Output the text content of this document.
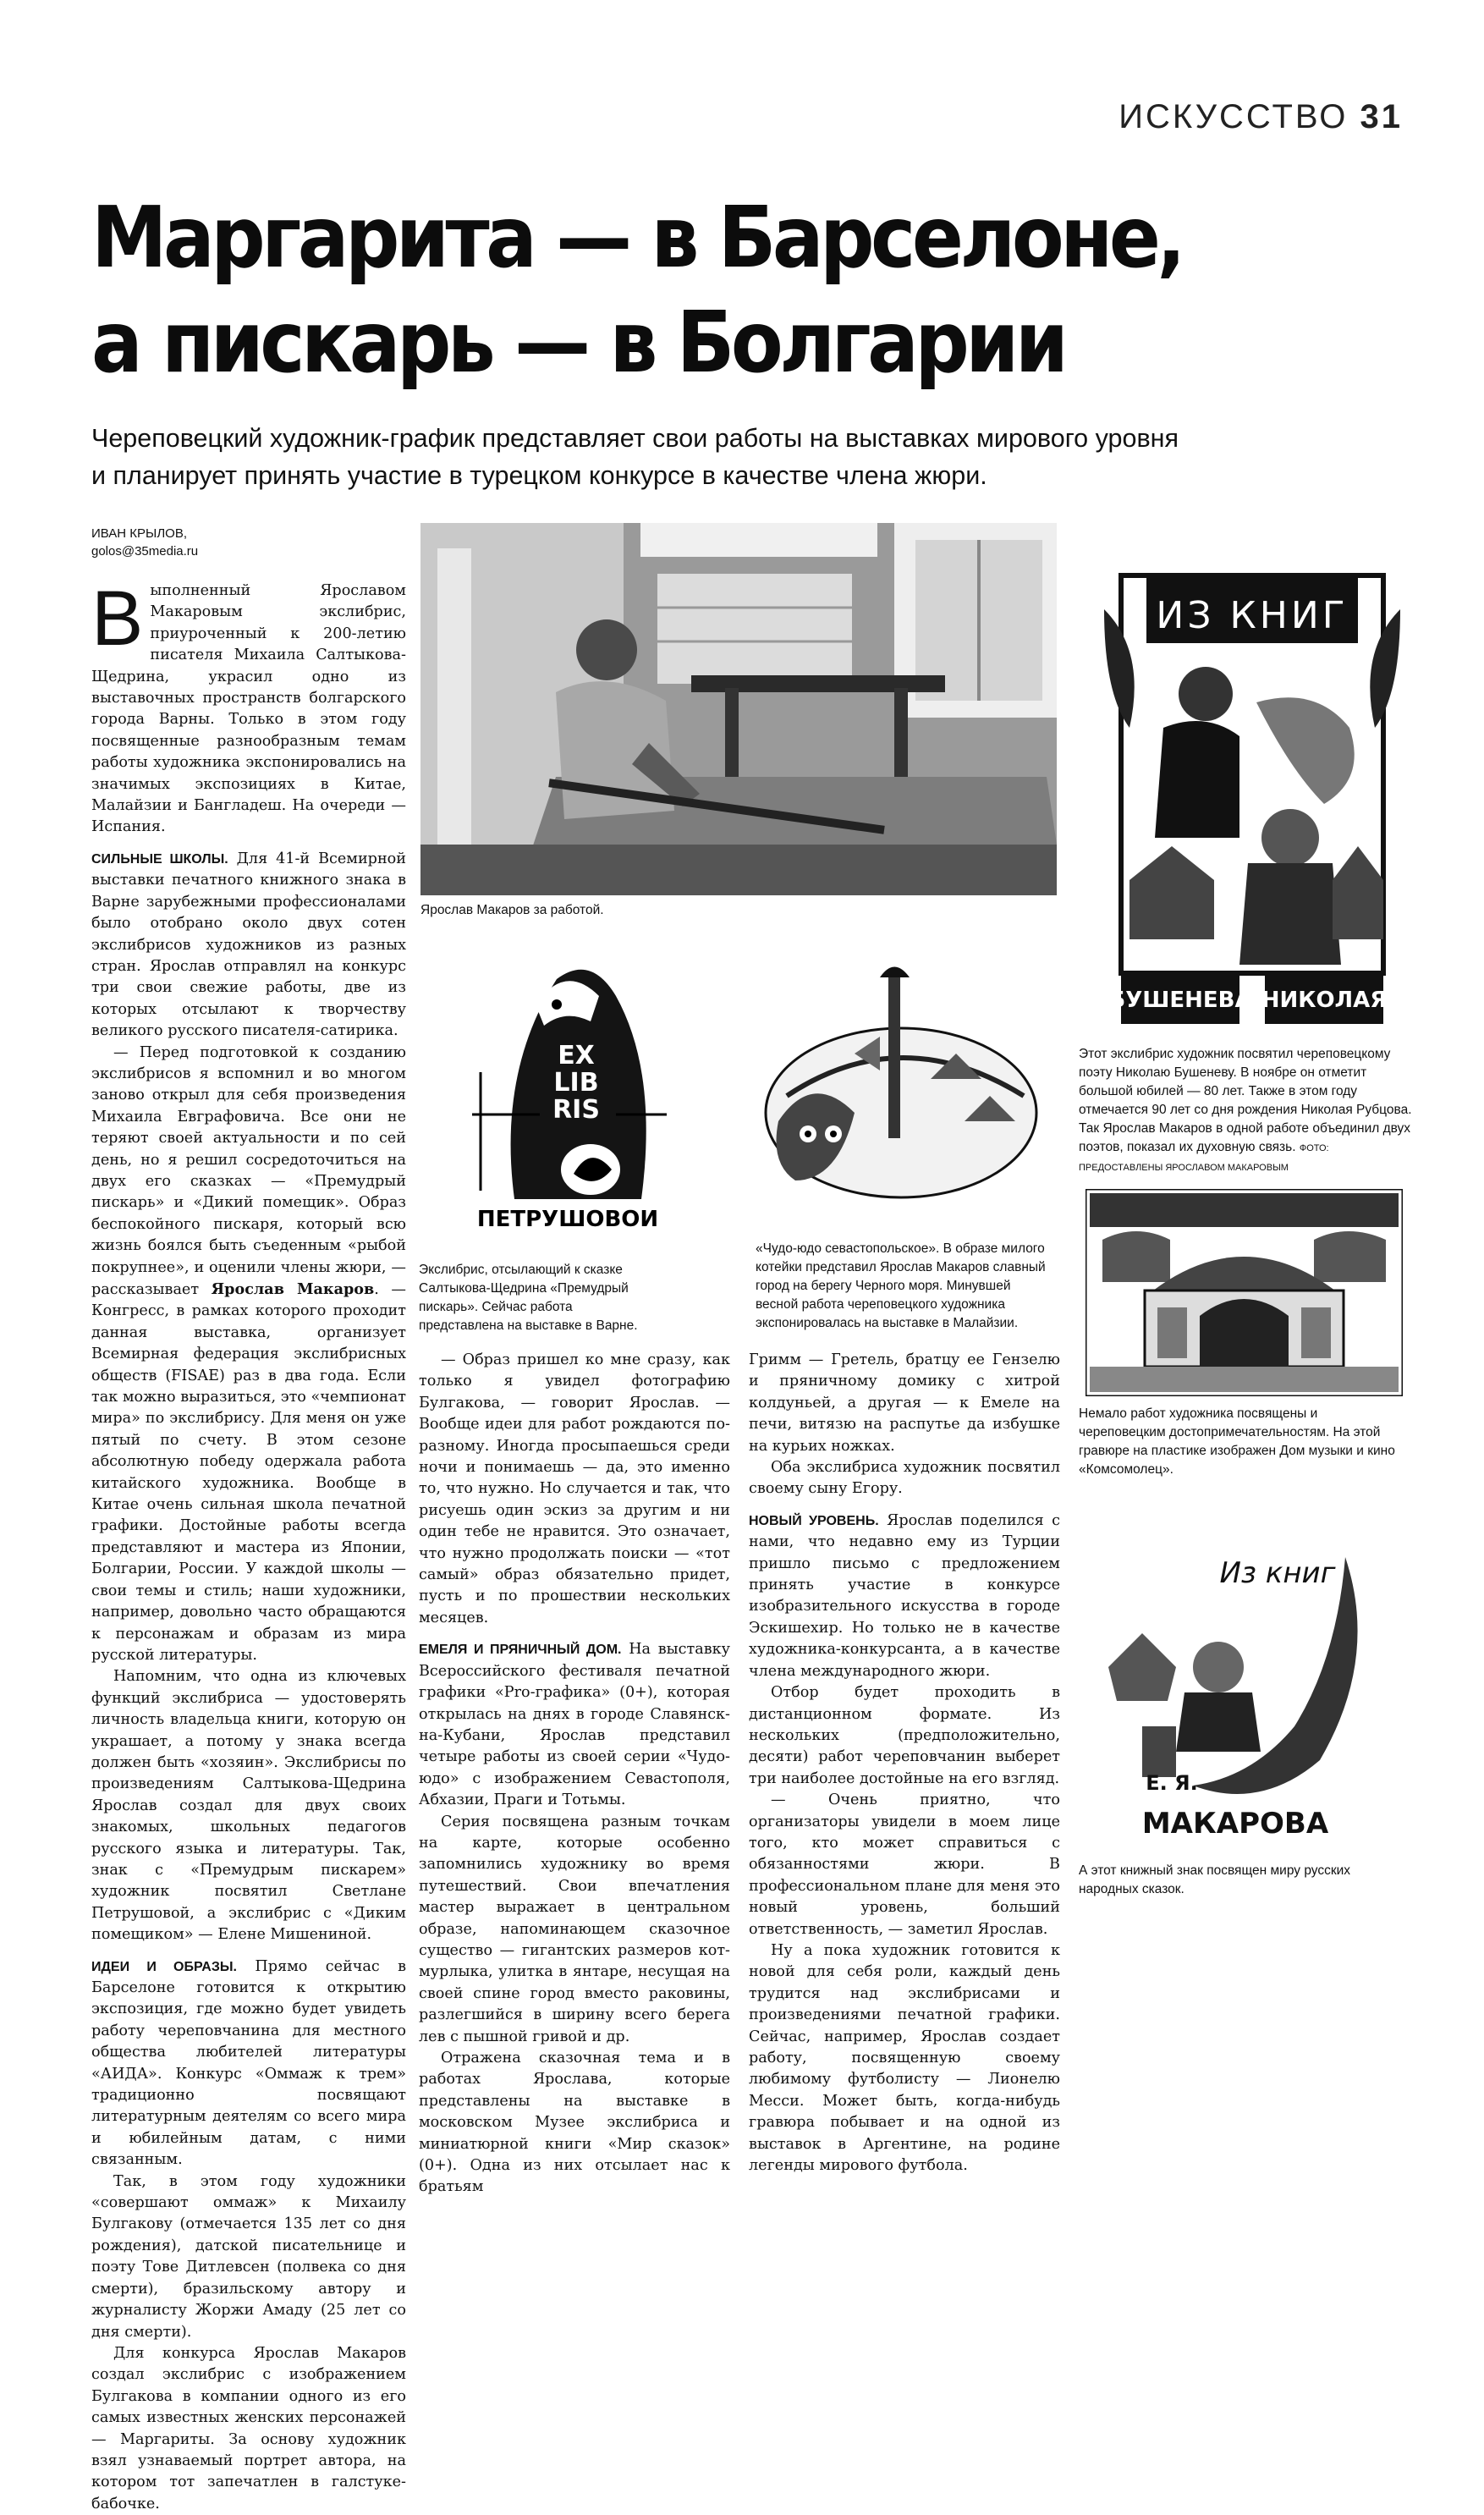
ИСКУССТВО 31
Маргарита — в Барселоне,
а пискарь — в Болгарии
Череповецкий художник-график представляет свои работы на выставках мирового уровня
и планирует принять участие в турецком конкурсе в качестве члена жюри.
ИВАН КРЫЛОВ,
golos@35media.ru

Выполненный Ярославом Макаровым экслибрис, приуроченный к 200-летию писателя Михаила Салтыкова-Щедрина, украсил одно из выставочных пространств болгарского города Варны. Только в этом году посвященные разнообразным темам работы художника экспонировались на значимых экспозициях в Китае, Малайзии и Бангладеш. На очереди — Испания.

СИЛЬНЫЕ ШКОЛЫ. Для 41-й Всемирной выставки печатного книжного знака в Варне зарубежными профессионалами было отобрано около двух сотен экслибрисов художников из разных стран. Ярослав отправлял на конкурс три свои свежие работы, две из которых отсылают к творчеству великого русского писателя-сатирика.

— Перед подготовкой к созданию экслибрисов я вспомнил и во многом заново открыл для себя произведения Михаила Евграфовича. Все они не теряют своей актуальности и по сей день, но я решил сосредоточиться на двух его сказках — «Премудрый пискарь» и «Дикий помещик». Образ беспокойного пискаря, который всю жизнь боялся быть съеденным «рыбой покрупнее», и оценили члены жюри, — рассказывает Ярослав Макаров. — Конгресс, в рамках которого проходит данная выставка, организует Всемирная федерация экслибрисных обществ (FISAE) раз в два года. Если так можно выразиться, это «чемпионат мира» по экслибрису. Для меня он уже пятый по счету. В этом сезоне абсолютную победу одержала работа китайского художника. Вообще в Китае очень сильная школа печатной графики. Достойные работы всегда представляют и мастера из Японии, Болгарии, России. У каждой школы — свои темы и стиль; наши художники, например, довольно часто обращаются к персонажам и образам из мира русской литературы.

Напомним, что одна из ключевых функций экслибриса — удостоверять личность владельца книги, которую он украшает, а потому у знака всегда должен быть «хозяин». Экслибрисы по произведениям Салтыкова-Щедрина Ярослав создал для двух своих знакомых, школьных педагогов русского языка и литературы. Так, знак с «Премудрым пискарем» художник посвятил Светлане Петрушовой, а экслибрис с «Диким помещиком» — Елене Мишениной.

ИДЕИ И ОБРАЗЫ. Прямо сейчас в Барселоне готовится к открытию экспозиция, где можно будет увидеть работу череповчанина для местного общества любителей литературы «АИДА». Конкурс «Оммаж к трем» традиционно посвящают литературным деятелям со всего мира и юбилейным датам, с ними связанным.

Так, в этом году художники «совершают оммаж» к Михаилу Булгакову (отмечается 135 лет со дня рождения), датской писательнице и поэту Тове Дитлевсен (полвека со дня смерти), бразильскому автору и журналисту Жоржи Амаду (25 лет со дня смерти).

Для конкурса Ярослав Макаров создал экслибрис с изображением Булгакова в компании одного из его самых известных женских персонажей — Маргариты. За основу художник взял узнаваемый портрет автора, на котором тот запечатлен в галстуке-бабочке.

Ярослав Макаров за работой.
EX
LIB
RIS
ПЕТРУШОВОИ
Экслибрис, отсылающий к сказке Салтыкова-Щедрина «Премудрый пискарь». Сейчас работа представлена на выставке в Варне.
«Чудо-юдо севастопольское». В образе милого котейки представил Ярослав Макаров славный город на берегу Черного моря. Минувшей весной работа череповецкого художника экспонировалась на выставке в Малайзии.
ИЗ КНИГ
БУШЕНЕВА НИКОЛАЯ
Этот экслибрис художник посвятил череповецкому поэту Николаю Бушеневу. В ноябре он отметит большой юбилей — 80 лет. Также в этом году отмечается 90 лет со дня рождения Николая Рубцова. Так Ярослав Макаров в одной работе объединил двух поэтов, показал их духовную связь. ФОТО: ПРЕДОСТАВЛЕНЫ ЯРОСЛАВОМ МАКАРОВЫМ
Немало работ художника посвящены и череповецким достопримечательностям. На этой гравюре на пластике изображен Дом музыки и кино «Комсомолец».
Из книг
Е. Я.
МАКАРОВА
А этот книжный знак посвящен миру русских народных сказок.

— Образ пришел ко мне сразу, как только я увидел фотографию Булгакова, — говорит Ярослав. — Вообще идеи для работ рождаются по-разному. Иногда просыпаешься среди ночи и понимаешь — да, это именно то, что нужно. Но случается и так, что рисуешь один эскиз за другим и ни один тебе не нравится. Это означает, что нужно продолжать поиски — «тот самый» образ обязательно придет, пусть и по прошествии нескольких месяцев.

ЕМЕЛЯ И ПРЯНИЧНЫЙ ДОМ. На выставку Всероссийского фестиваля печатной графики «Pro-графика» (0+), которая открылась на днях в городе Славянск-на-Кубани, Ярослав представил четыре работы из своей серии «Чудо-юдо» с изображением Севастополя, Абхазии, Праги и Тотьмы.

Серия посвящена разным точкам на карте, которые особенно запомнились художнику во время путешествий. Свои впечатления мастер выражает в центральном образе, напоминающем сказочное существо — гигантских размеров кот-мурлыка, улитка в янтаре, несущая на своей спине город вместо раковины, разлегшийся в ширину всего берега лев с пышной гривой и др.

Отражена сказочная тема и в работах Ярослава, которые представлены на выставке в московском Музее экслибриса и миниатюрной книги «Мир сказок» (0+). Одна из них отсылает нас к братьям

Гримм — Гретель, братцу ее Гензелю и пряничному домику с хитрой колдуньей, а другая — к Емеле на печи, витязю на распутье да избушке на курьих ножках.

Оба экслибриса художник посвятил своему сыну Егору.

НОВЫЙ УРОВЕНЬ. Ярослав поделился с нами, что недавно ему из Турции пришло письмо с предложением принять участие в конкурсе изобразительного искусства в городе Эскишехир. Но только не в качестве художника-конкурсанта, а в качестве члена международного жюри.

Отбор будет проходить в дистанционном формате. Из нескольких (предположительно, десяти) работ череповчанин выберет три наиболее достойные на его взгляд.

— Очень приятно, что организаторы увидели в моем лице того, кто может справиться с обязанностями жюри. В профессиональном плане для меня это новый уровень, больший ответственность, — заметил Ярослав.

Ну а пока художник готовится к новой для себя роли, каждый день трудится над экслибрисами и произведениями печатной графики. Сейчас, например, Ярослав создает работу, посвященную своему любимому футболисту — Лионелю Месси. Может быть, когда-нибудь гравюра побывает и на одной из выставок в Аргентине, на родине легенды мирового футбола.
